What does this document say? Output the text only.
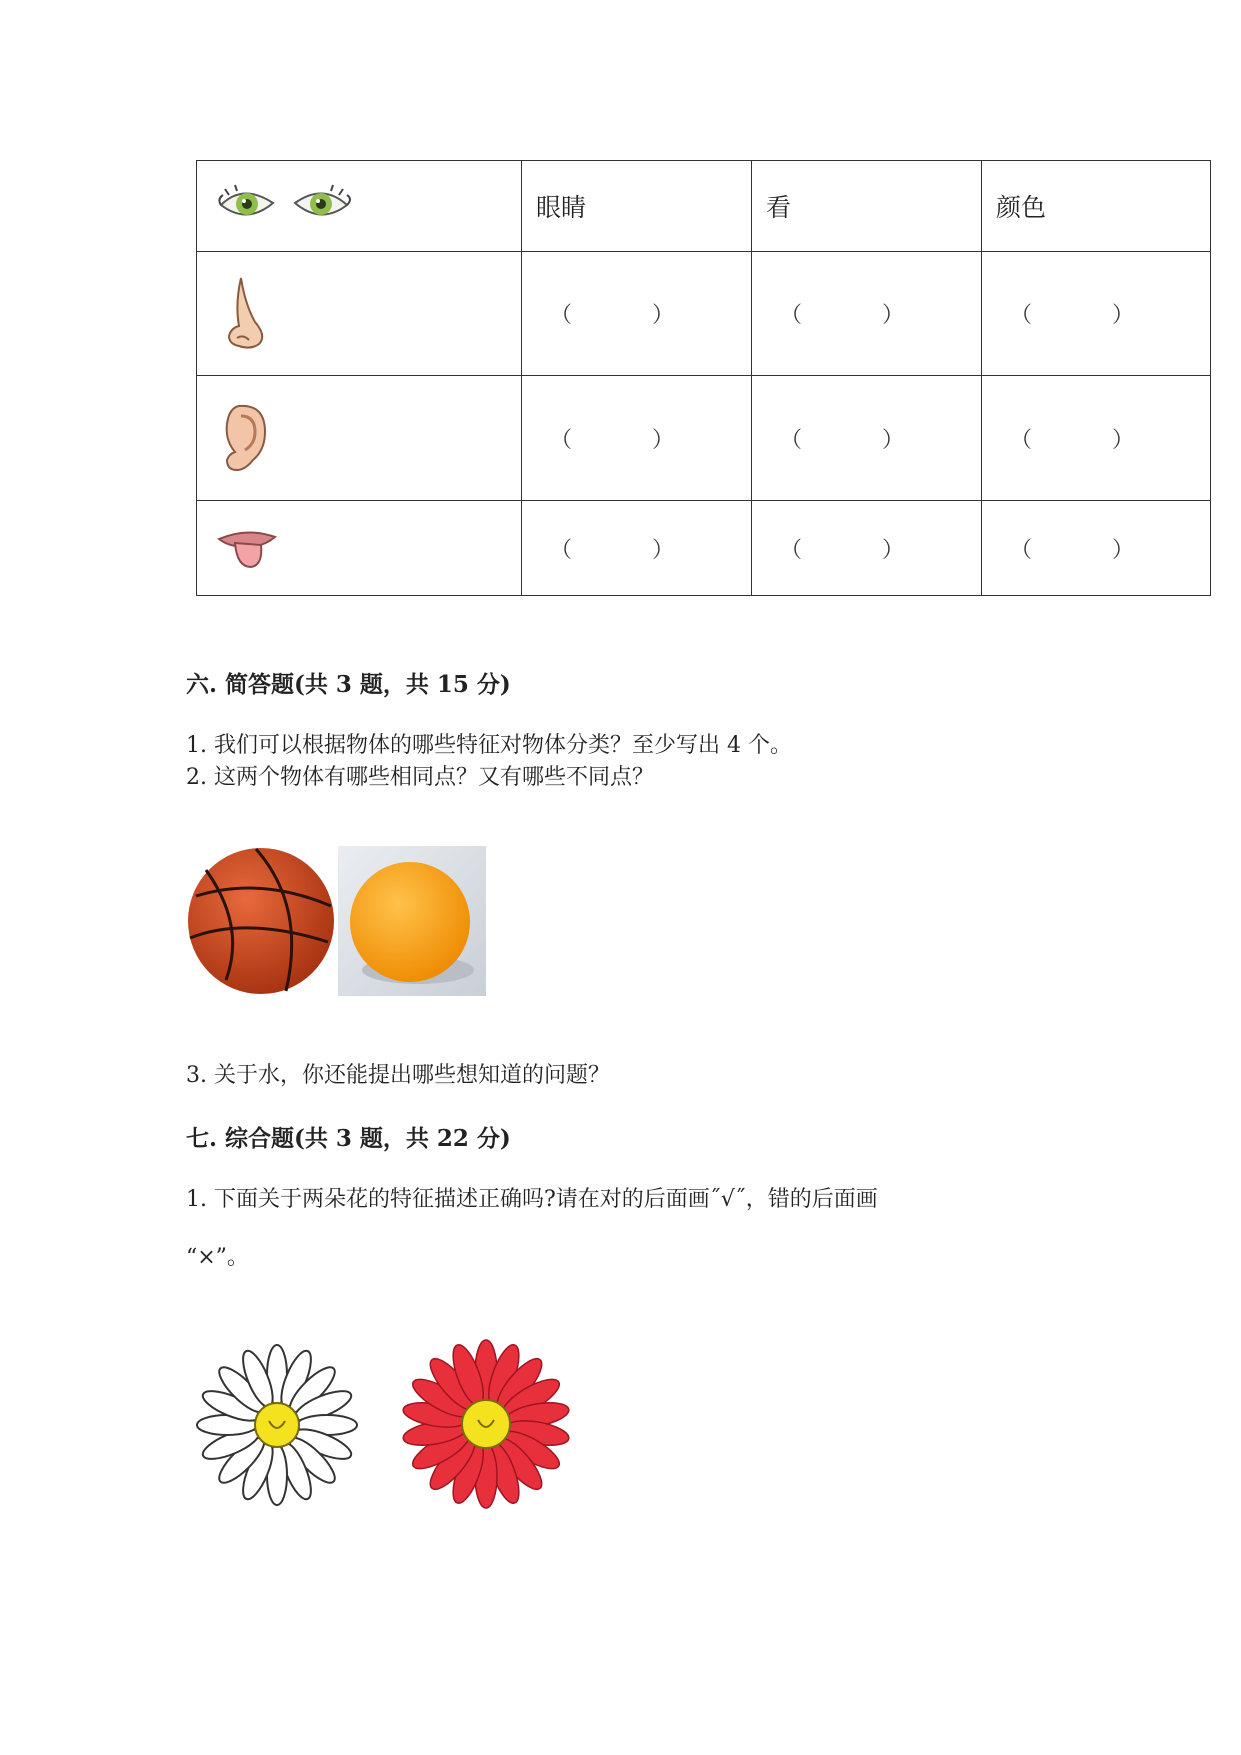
	眼睛	看	颜色

（ ）	（ ）	（ ）

（ ）	（ ）	（ ）

（ ）	（ ）	（ ）
六. 简答题(共 3 题，共 15 分)

1. 我们可以根据物体的哪些特征对物体分类？至少写出 4 个。

2. 这两个物体有哪些相同点？又有哪些不同点？

3. 关于水，你还能提出哪些想知道的问题？

七. 综合题(共 3 题，共 22 分)

1. 下面关于两朵花的特征描述正确吗?请在对的后面画˝√˝，错的后面画

“×”。
